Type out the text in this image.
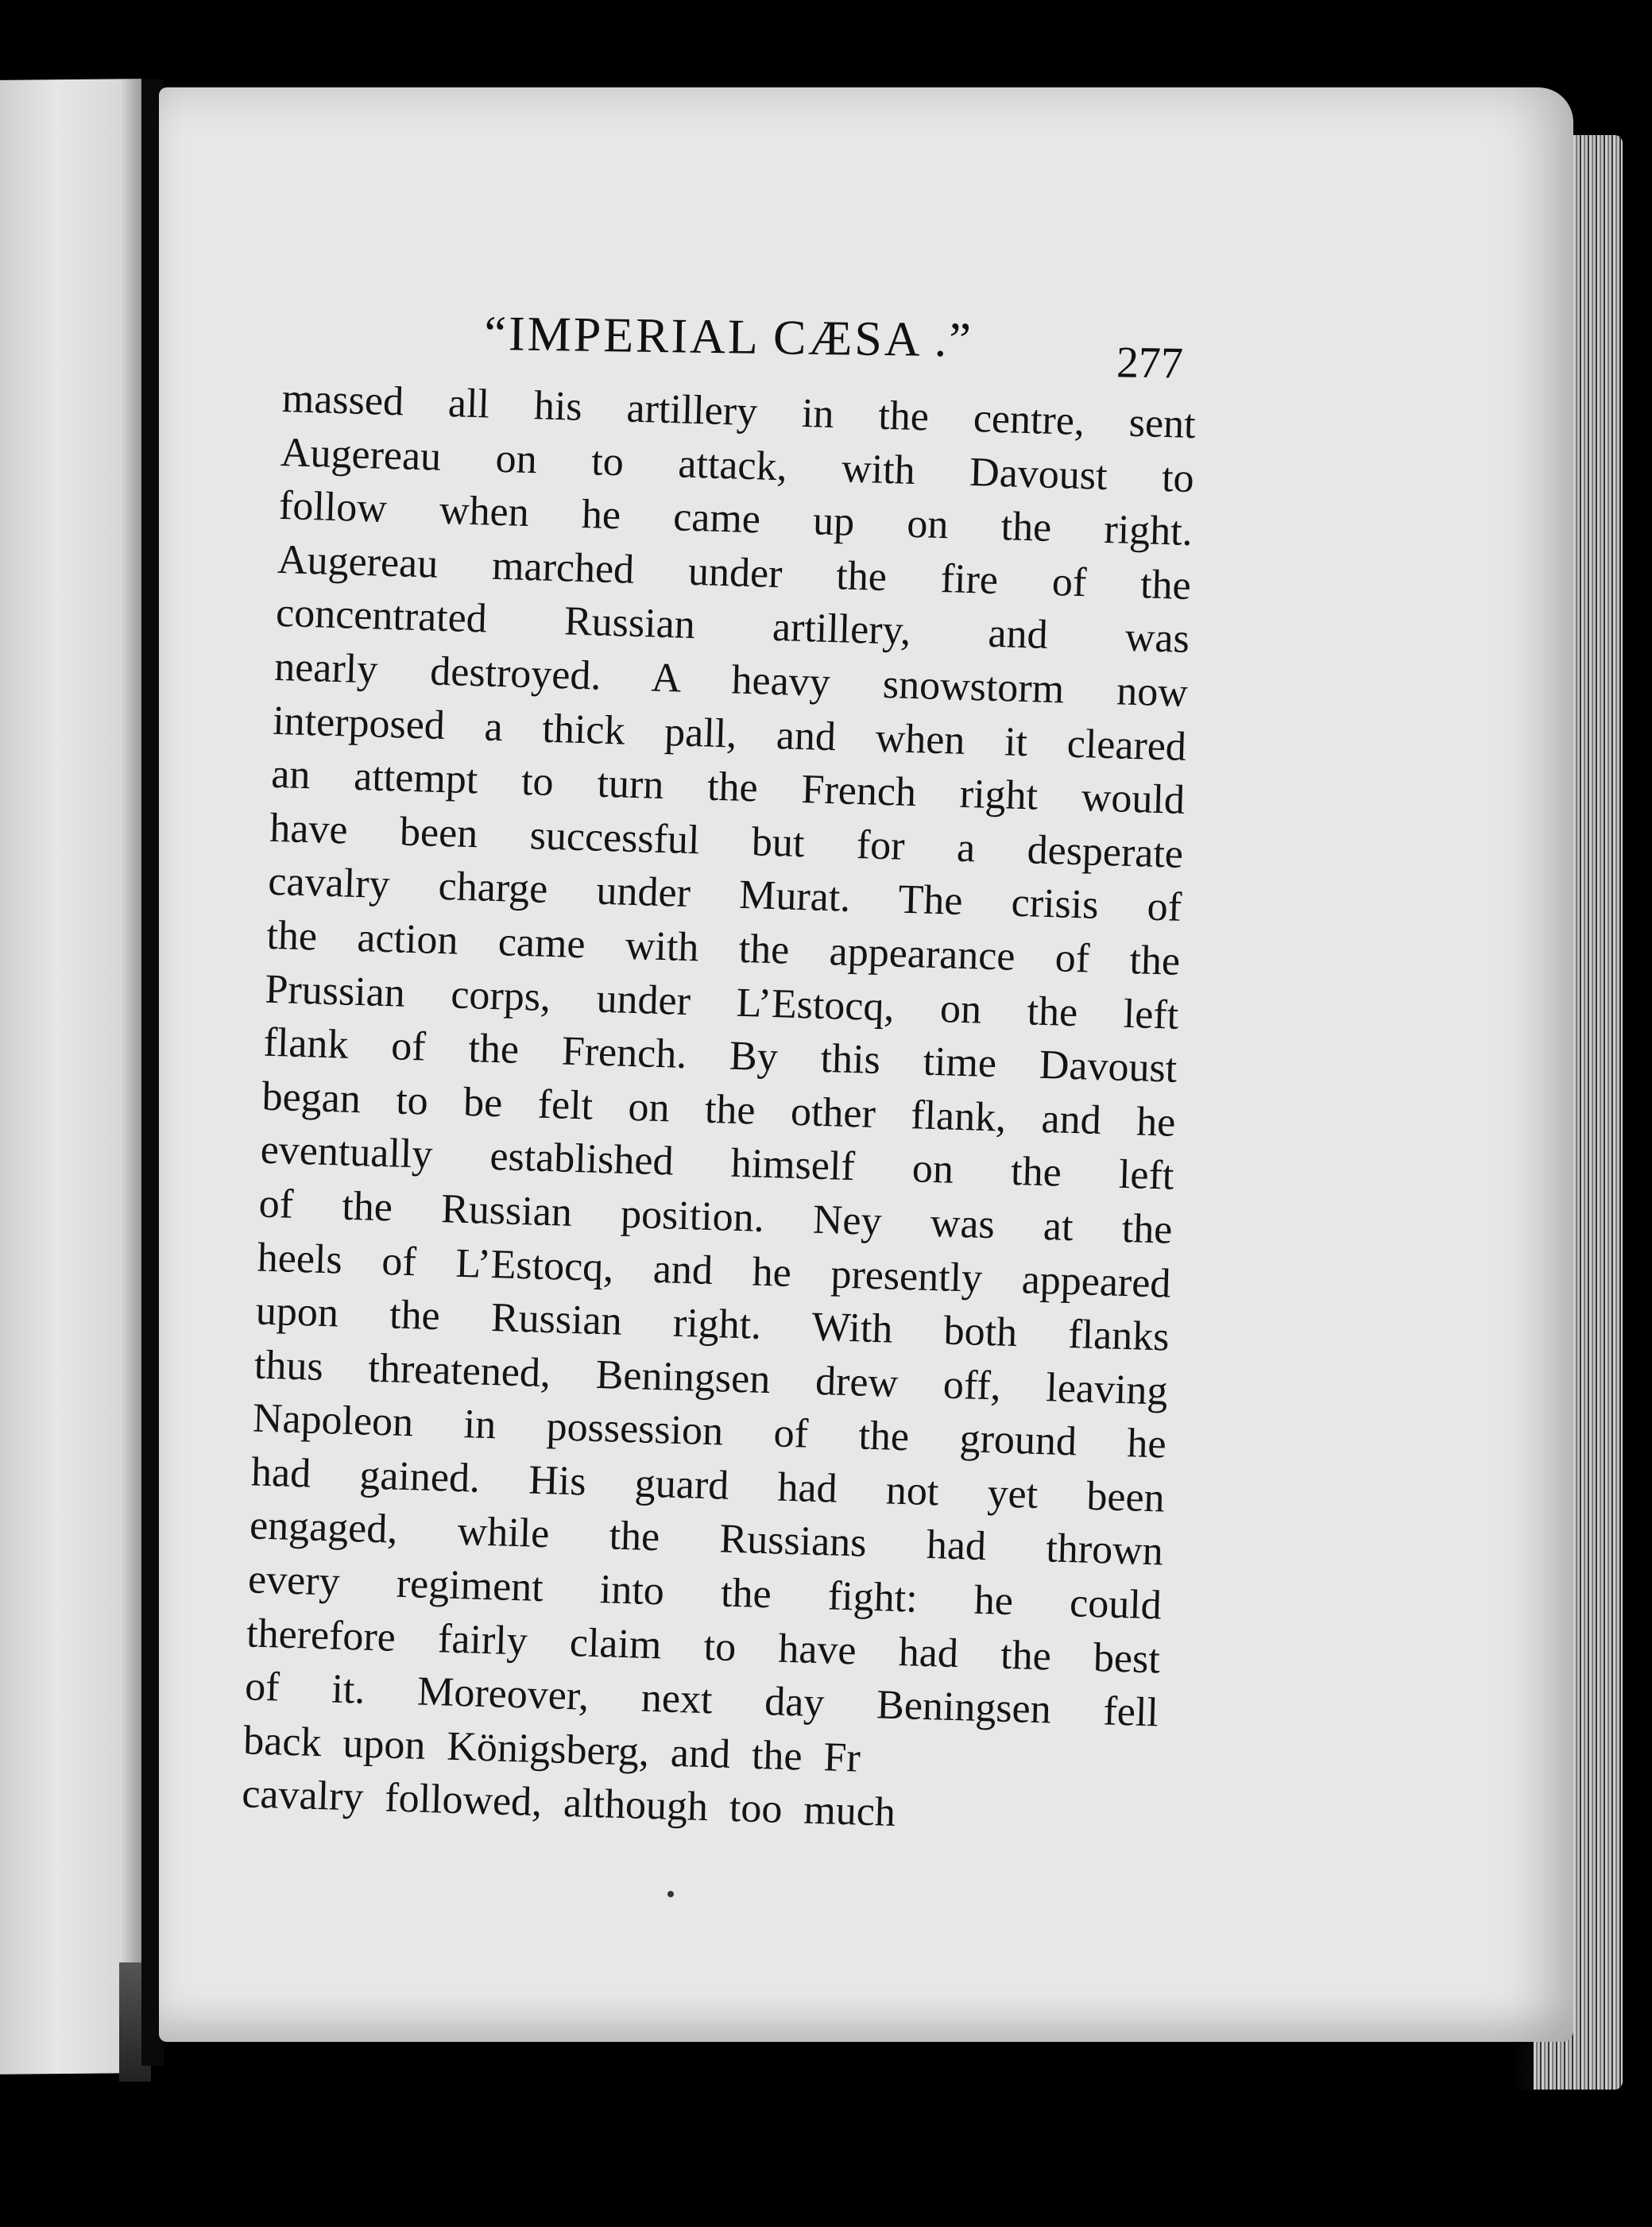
“IMPERIAL CÆSA .”	277
massed all his artillery in the centre, sent
Augereau on to attack, with Davoust to
follow when he came up on the right.
Augereau marched under the fire of the
concentrated Russian artillery, and was
nearly destroyed. A heavy snowstorm now
interposed a thick pall, and when it cleared
an attempt to turn the French right would
have been successful but for a desperate
cavalry charge under Murat. The crisis of
the action came with the appearance of the
Prussian corps, under L’Estocq, on the left
flank of the French. By this time Davoust
began to be felt on the other flank, and he
eventually established himself on the left
of the Russian position. Ney was at the
heels of L’Estocq, and he presently appeared
upon the Russian right. With both flanks
thus threatened, Beningsen drew off, leaving
Napoleon in possession of the ground he
had gained. His guard had not yet been
engaged, while the Russians had thrown
every regiment into the fight: he could
therefore fairly claim to have had the best
of it. Moreover, next day Beningsen fell
back upon Königsberg, and the Fr
cavalry followed, although too much
